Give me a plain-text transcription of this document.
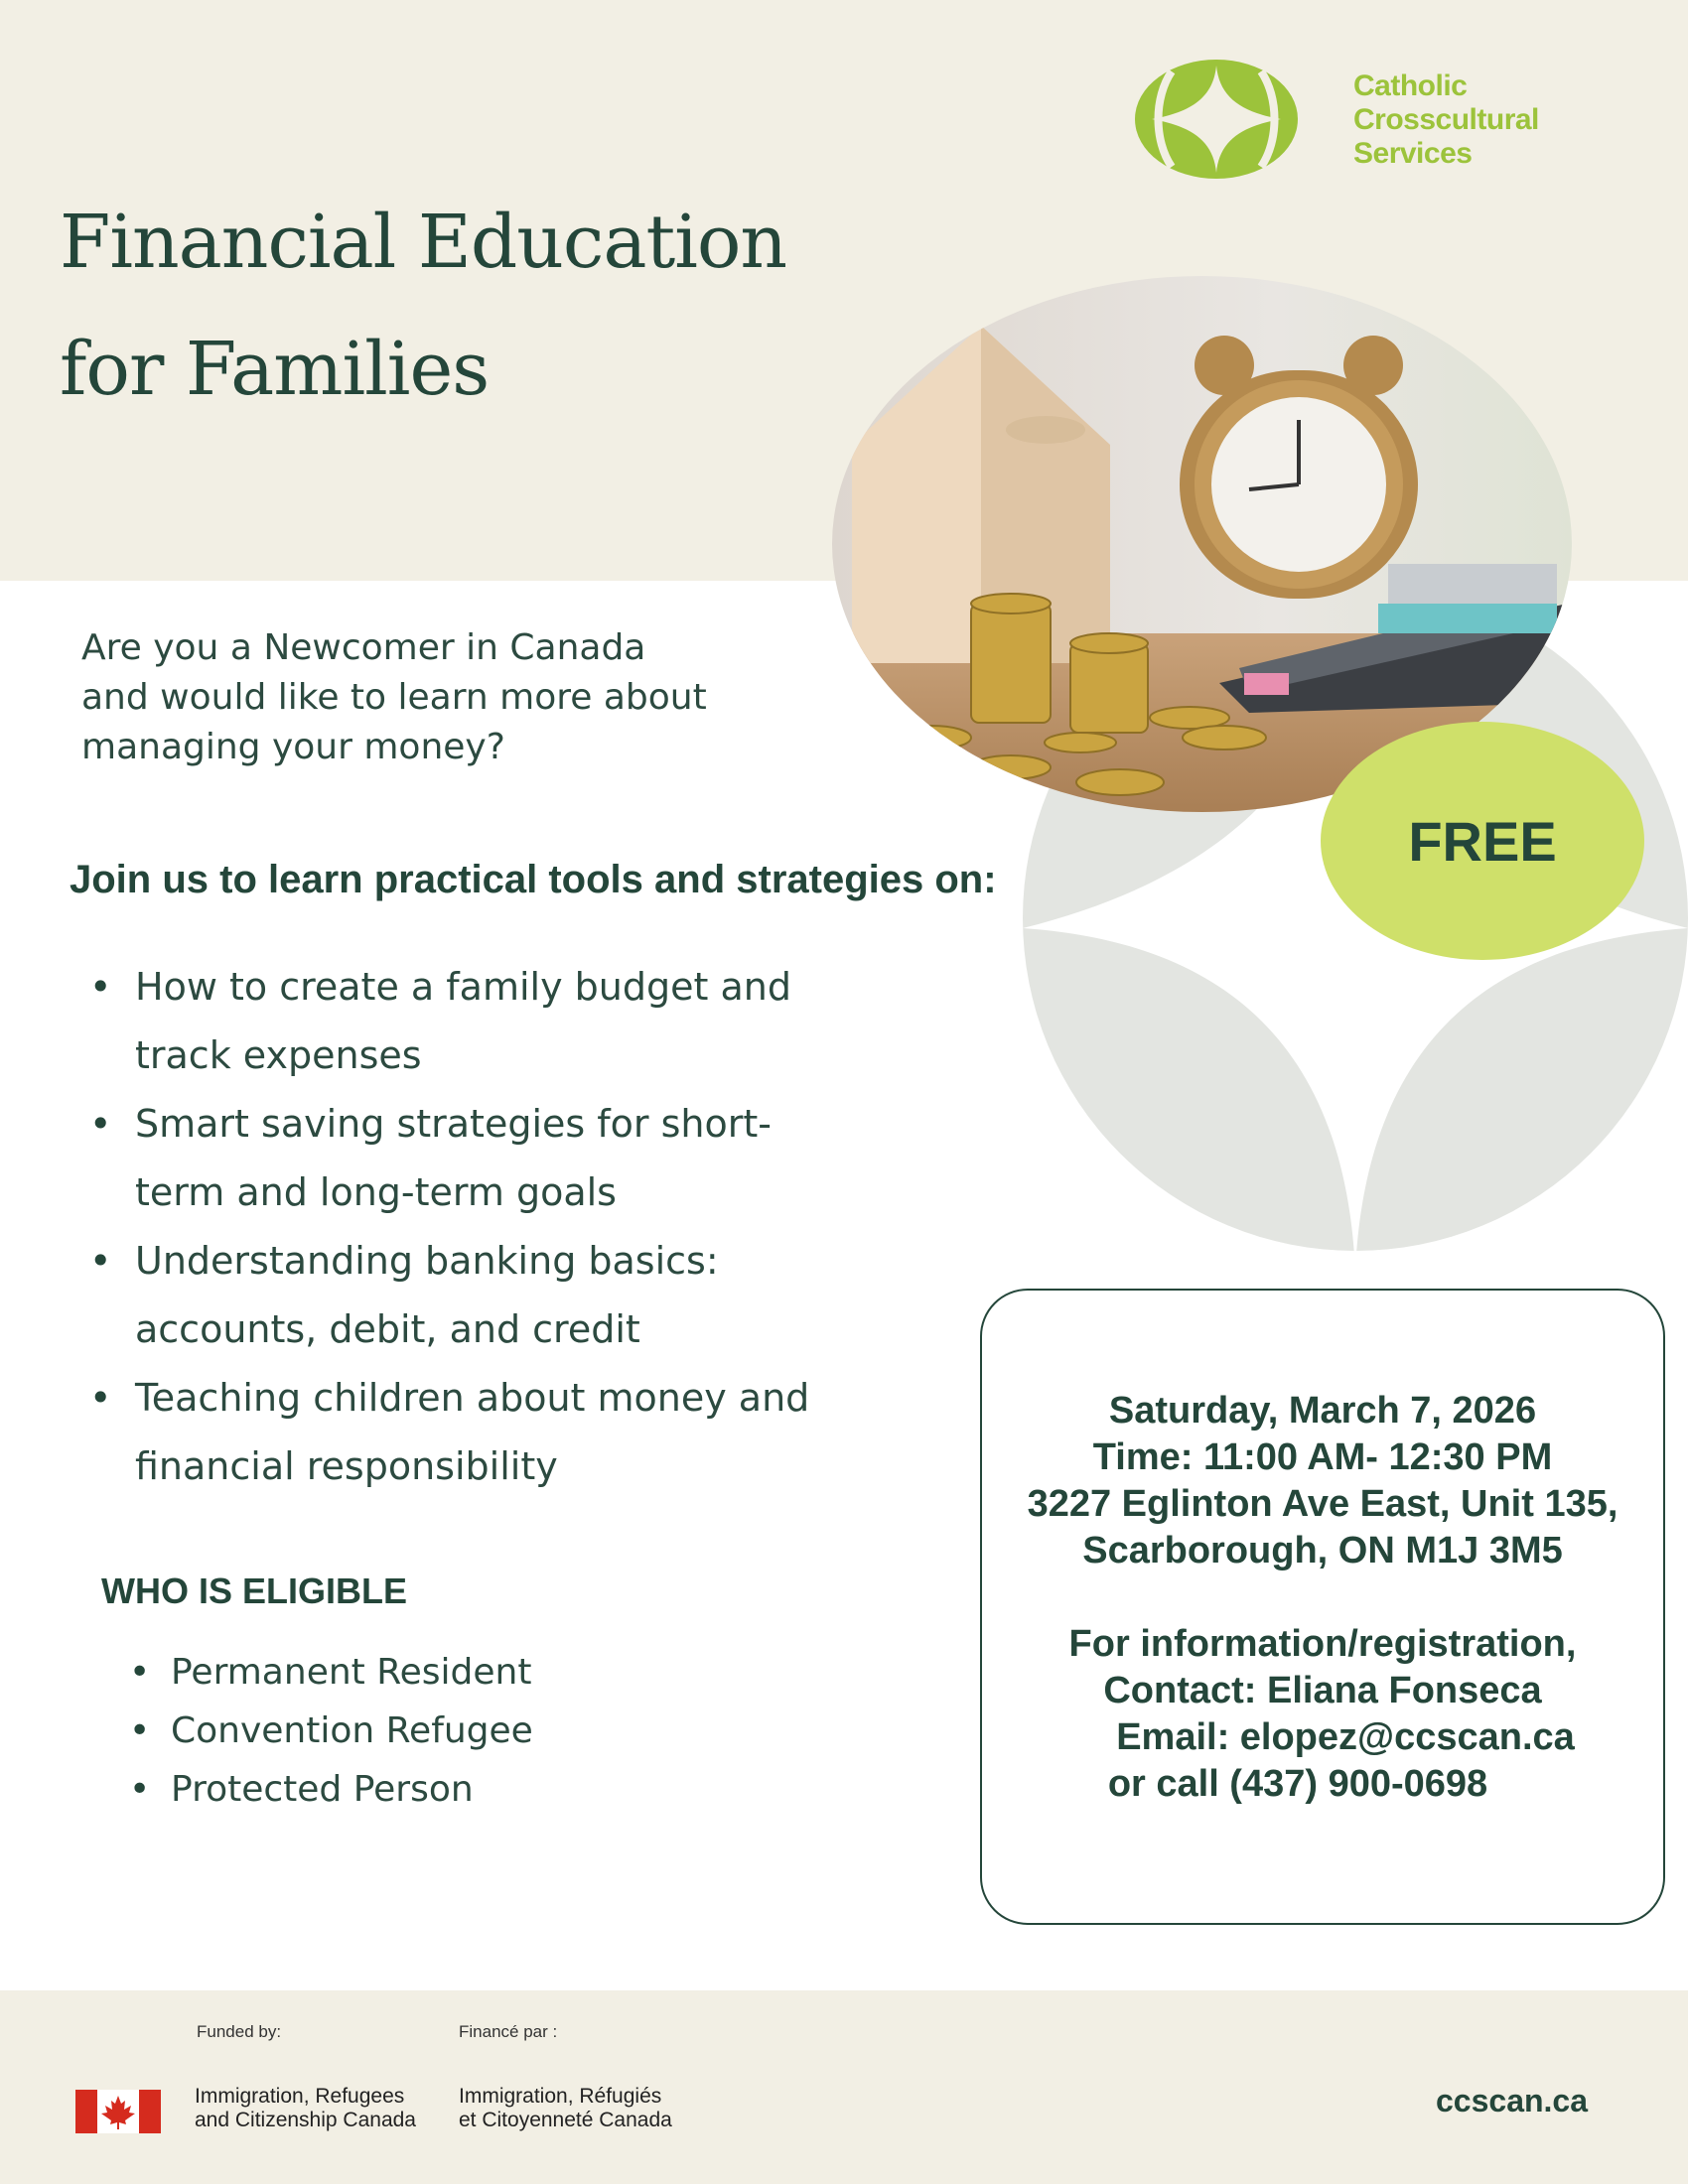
Catholic
Crosscultural
Services
Financial Education
for Families
FREE
Are you a Newcomer in Canada
and would like to learn more about
managing your money?
Join us to learn practical tools and strategies on:
• How to create a family budget and
track expenses
• Smart saving strategies for short-
term and long-term goals
• Understanding banking basics:
accounts, debit, and credit
• Teaching children about money and
financial responsibility
WHO IS ELIGIBLE
• Permanent Resident
• Convention Refugee
• Protected Person
Saturday, March 7, 2026
Time: 11:00 AM- 12:30 PM
3227 Eglinton Ave East, Unit 135,
Scarborough, ON M1J 3M5
For information/registration,
Contact: Eliana Fonseca
Email: elopez@ccscan.ca
or call (437) 900-0698
Funded by:	Financé par :
Immigration, Refugees
and Citizenship Canada
Immigration, Réfugiés
et Citoyenneté Canada
ccscan.ca
